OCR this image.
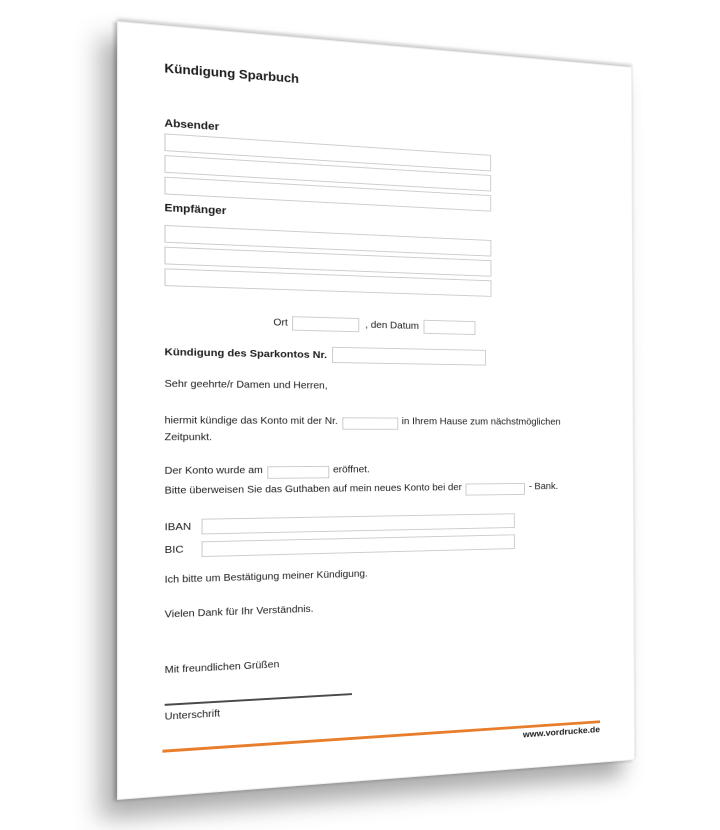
Kündigung Sparbuch
Absender
Empfänger
Ort	, den Datum
Kündigung des Sparkontos Nr.
Sehr geehrte/r Damen und Herren,
hiermit kündige das Konto mit der Nr.	in Ihrem Hause zum nächstmöglichen
Zeitpunkt.
Der Konto wurde am	eröffnet.
Bitte überweisen Sie das Guthaben auf mein neues Konto bei der	- Bank.
IBAN
BIC
Ich bitte um Bestätigung meiner Kündigung.
Vielen Dank für Ihr Verständnis.
Mit freundlichen Grüßen
Unterschrift
www.vordrucke.de
